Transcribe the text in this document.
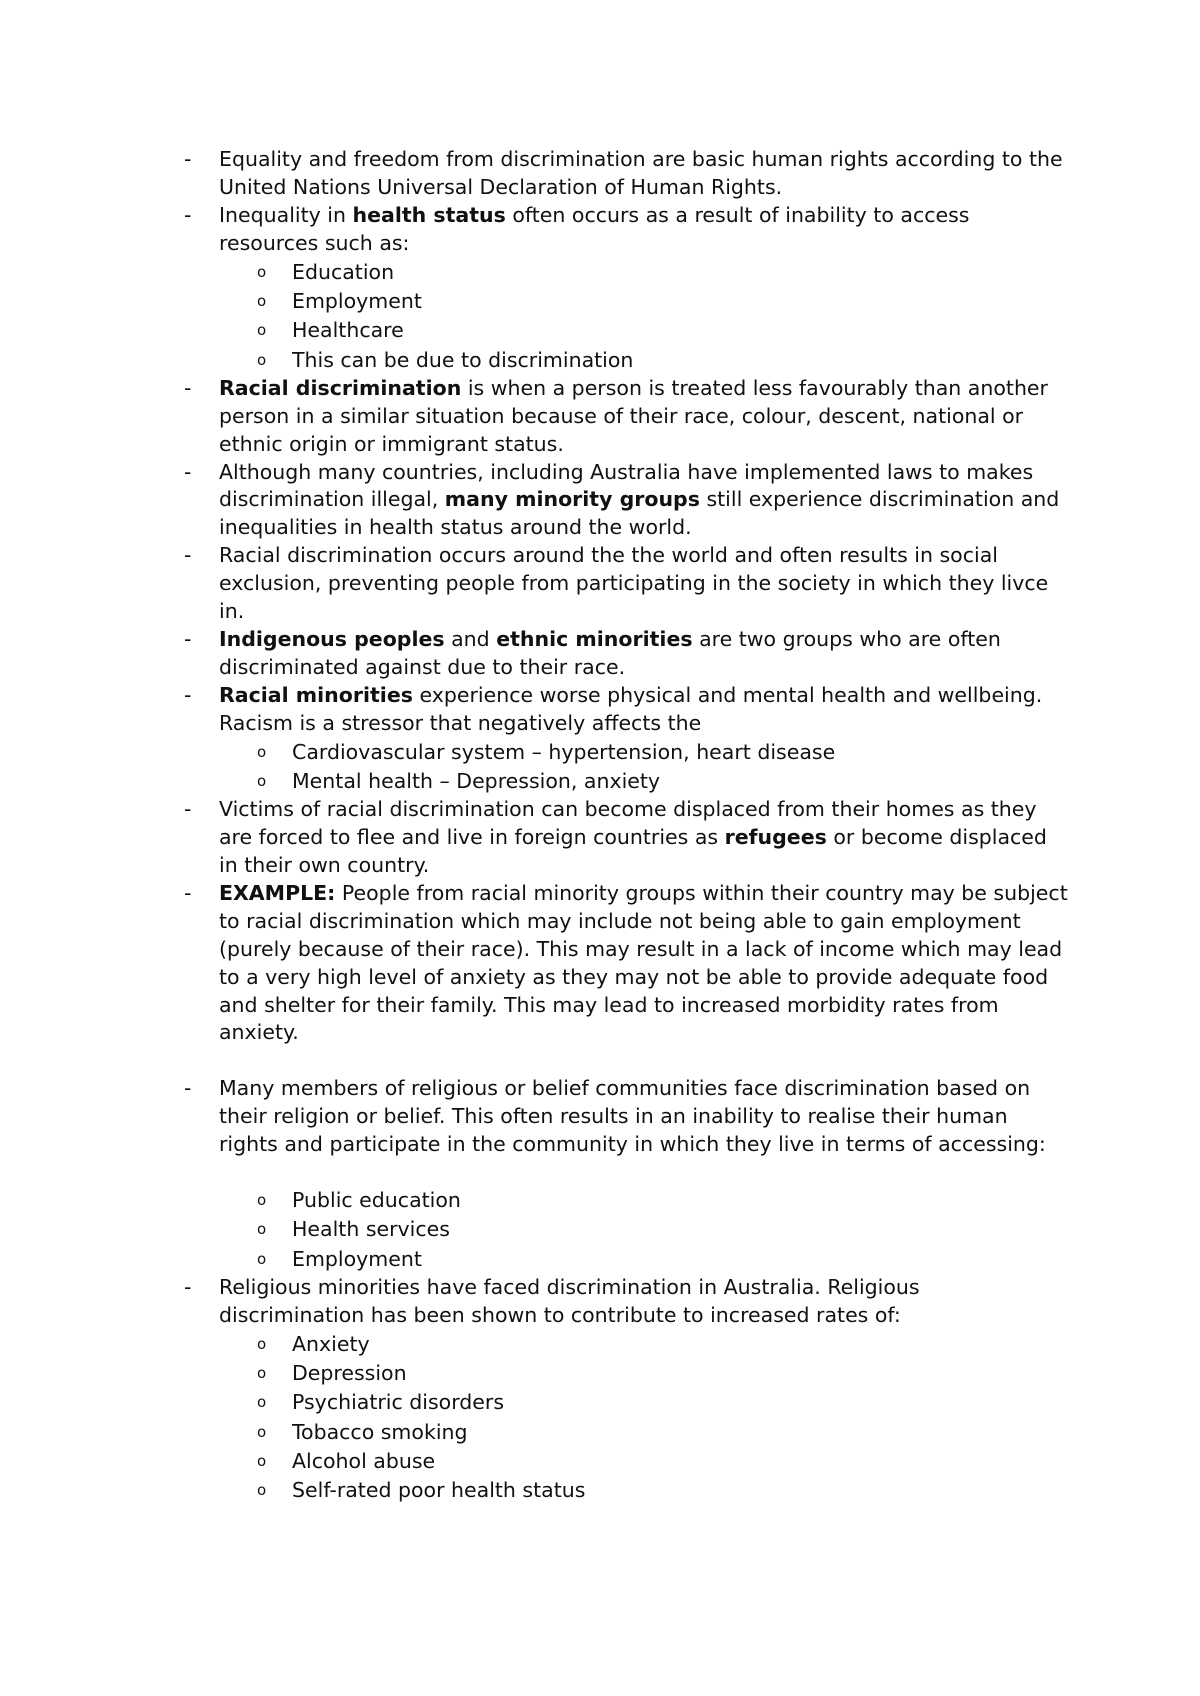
- Equality and freedom from discrimination are basic human rights according to the United Nations Universal Declaration of Human Rights.
- Inequality in health status often occurs as a result of inability to access resources such as:
o Education
o Employment
o Healthcare
o This can be due to discrimination
- Racial discrimination is when a person is treated less favourably than another person in a similar situation because of their race, colour, descent, national or ethnic origin or immigrant status.
- Although many countries, including Australia have implemented laws to makes discrimination illegal, many minority groups still experience discrimination and inequalities in health status around the world.
- Racial discrimination occurs around the the world and often results in social exclusion, preventing people from participating in the society in which they livce in.
- Indigenous peoples and ethnic minorities are two groups who are often discriminated against due to their race.
- Racial minorities experience worse physical and mental health and wellbeing. Racism is a stressor that negatively affects the
o Cardiovascular system – hypertension, heart disease
o Mental health – Depression, anxiety
- Victims of racial discrimination can become displaced from their homes as they are forced to flee and live in foreign countries as refugees or become displaced in their own country.
- EXAMPLE: People from racial minority groups within their country may be subject to racial discrimination which may include not being able to gain employment (purely because of their race). This may result in a lack of income which may lead to a very high level of anxiety as they may not be able to provide adequate food and shelter for their family. This may lead to increased morbidity rates from anxiety.
- Many members of religious or belief communities face discrimination based on their religion or belief. This often results in an inability to realise their human rights and participate in the community in which they live in terms of accessing:
o Public education
o Health services
o Employment
- Religious minorities have faced discrimination in Australia. Religious discrimination has been shown to contribute to increased rates of:
o Anxiety
o Depression
o Psychiatric disorders
o Tobacco smoking
o Alcohol abuse
o Self-rated poor health status
